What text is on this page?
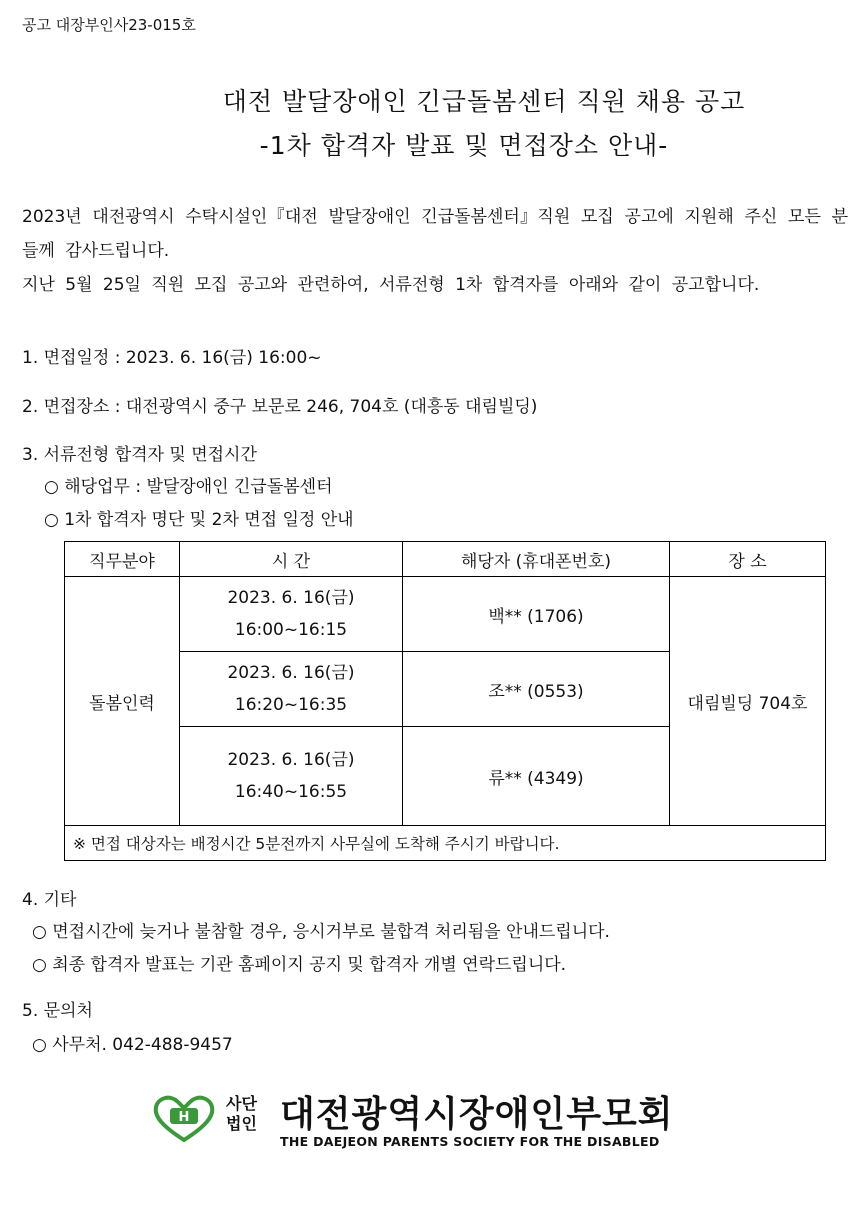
공고 대장부인사23-015호
대전 발달장애인 긴급돌봄센터 직원 채용 공고
-1차 합격자 발표 및 면접장소 안내-
2023년 대전광역시 수탁시설인『대전 발달장애인 긴급돌봄센터』직원 모집 공고에 지원해 주신 모든 분들께 감사드립니다.
지난 5월 25일 직원 모집 공고와 관련하여, 서류전형 1차 합격자를 아래와 같이 공고합니다.
1. 면접일정 : 2023. 6. 16(금) 16:00~
2. 면접장소 : 대전광역시 중구 보문로 246, 704호 (대흥동 대림빌딩)
3. 서류전형 합격자 및 면접시간
○ 해당업무 : 발달장애인 긴급돌봄센터
○ 1차 합격자 명단 및 2차 면접 일정 안내
직무분야	시 간	해당자 (휴대폰번호)	장 소
돌봄인력	2023. 6. 16(금)
16:00~16:15	백** (1706)	대림빌딩 704호

	2023. 6. 16(금)
16:20~16:35	조** (0553)	

	2023. 6. 16(금)
16:40~16:55	류** (4349)	
※ 면접 대상자는 배정시간 5분전까지 사무실에 도착해 주시기 바랍니다.			
4. 기타
○ 면접시간에 늦거나 불참할 경우, 응시거부로 불합격 처리됨을 안내드립니다.
○ 최종 합격자 발표는 기관 홈페이지 공지 및 합격자 개별 연락드립니다.
5. 문의처
○ 사무처. 042-488-9457
H
사단 법인 대전광역시장애인부모회
THE DAEJEON PARENTS SOCIETY FOR THE DISABLED
